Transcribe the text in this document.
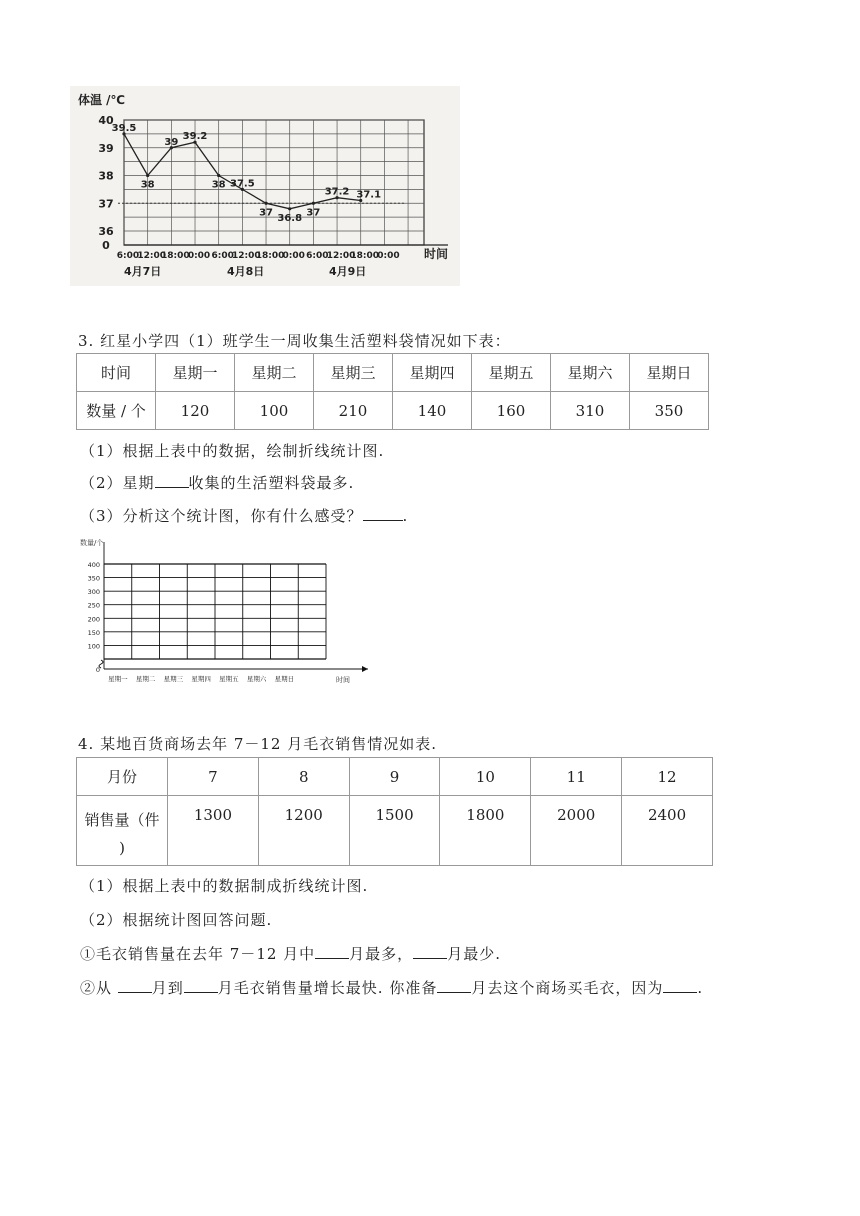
体温 /℃
40
39
38
37
36
0
6:00
12:00
18:00
0:00 6:00
12:00
18:00
0:00 6:00
12:00
18:00
0:00
39.5
38
39
39.2
38 37.5
37
36.8
37
37.2 37.1
时间
4月7日	4月8日	4月9日
3. 红星小学四（1）班学生一周收集生活塑料袋情况如下表：
时间	星期一	星期二	星期三	星期四	星期五	星期六	星期日
数量 / 个	120	100	210	140	160	310	350
（1）根据上表中的数据，绘制折线统计图.
（2）星期 收集的生活塑料袋最多.
（3）分析这个统计图，你有什么感受？	.
数量/个
400
350
300
250
200
150
100
0
星期一 星期二 星期三 星期四 星期五 星期六 星期日	时间
4. 某地百货商场去年 7－12 月毛衣销售情况如表.
月份	7	8	9	10	11	12

销售量（件
)	1300	1200	1500	1800	2000	2400
（1）根据上表中的数据制成折线统计图.
（2）根据统计图回答问题.
①毛衣销售量在去年 7－12 月中 月最多， 月最少.
②从 月到 月毛衣销售量增长最快. 你准备 月去这个商场买毛衣，因为 .
